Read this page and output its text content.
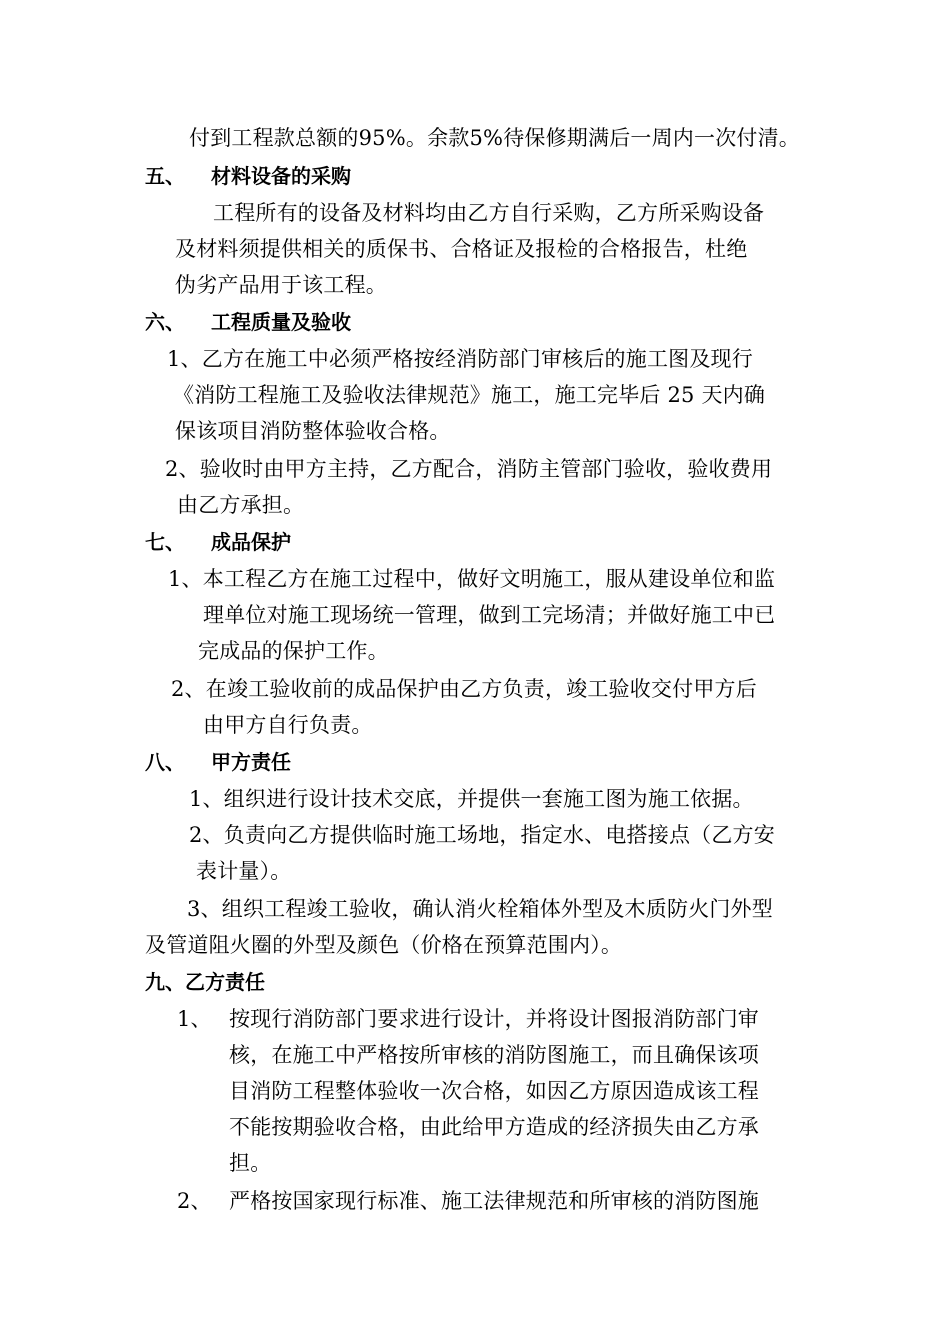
付到工程款总额的95%。余款5%待保修期满后一周内一次付清。
五、 材料设备的采购
工程所有的设备及材料均由乙方自行采购，乙方所采购设备
及材料须提供相关的质保书、合格证及报检的合格报告，杜绝
伪劣产品用于该工程。
六、 工程质量及验收
1、乙方在施工中必须严格按经消防部门审核后的施工图及现行
《消防工程施工及验收法律规范》施工，施工完毕后 25 天内确
保该项目消防整体验收合格。
2、验收时由甲方主持，乙方配合，消防主管部门验收，验收费用
由乙方承担。
七、 成品保护
1、本工程乙方在施工过程中，做好文明施工，服从建设单位和监
理单位对施工现场统一管理，做到工完场清；并做好施工中已
完成品的保护工作。
2、在竣工验收前的成品保护由乙方负责，竣工验收交付甲方后
由甲方自行负责。
八、 甲方责任
1、组织进行设计技术交底，并提供一套施工图为施工依据。
2、负责向乙方提供临时施工场地，指定水、电搭接点（乙方安
表计量）。
3、组织工程竣工验收，确认消火栓箱体外型及木质防火门外型
及管道阻火圈的外型及颜色（价格在预算范围内）。
九、乙方责任
1、 按现行消防部门要求进行设计，并将设计图报消防部门审
核，在施工中严格按所审核的消防图施工，而且确保该项
目消防工程整体验收一次合格，如因乙方原因造成该工程
不能按期验收合格，由此给甲方造成的经济损失由乙方承
担。
2、 严格按国家现行标准、施工法律规范和所审核的消防图施
